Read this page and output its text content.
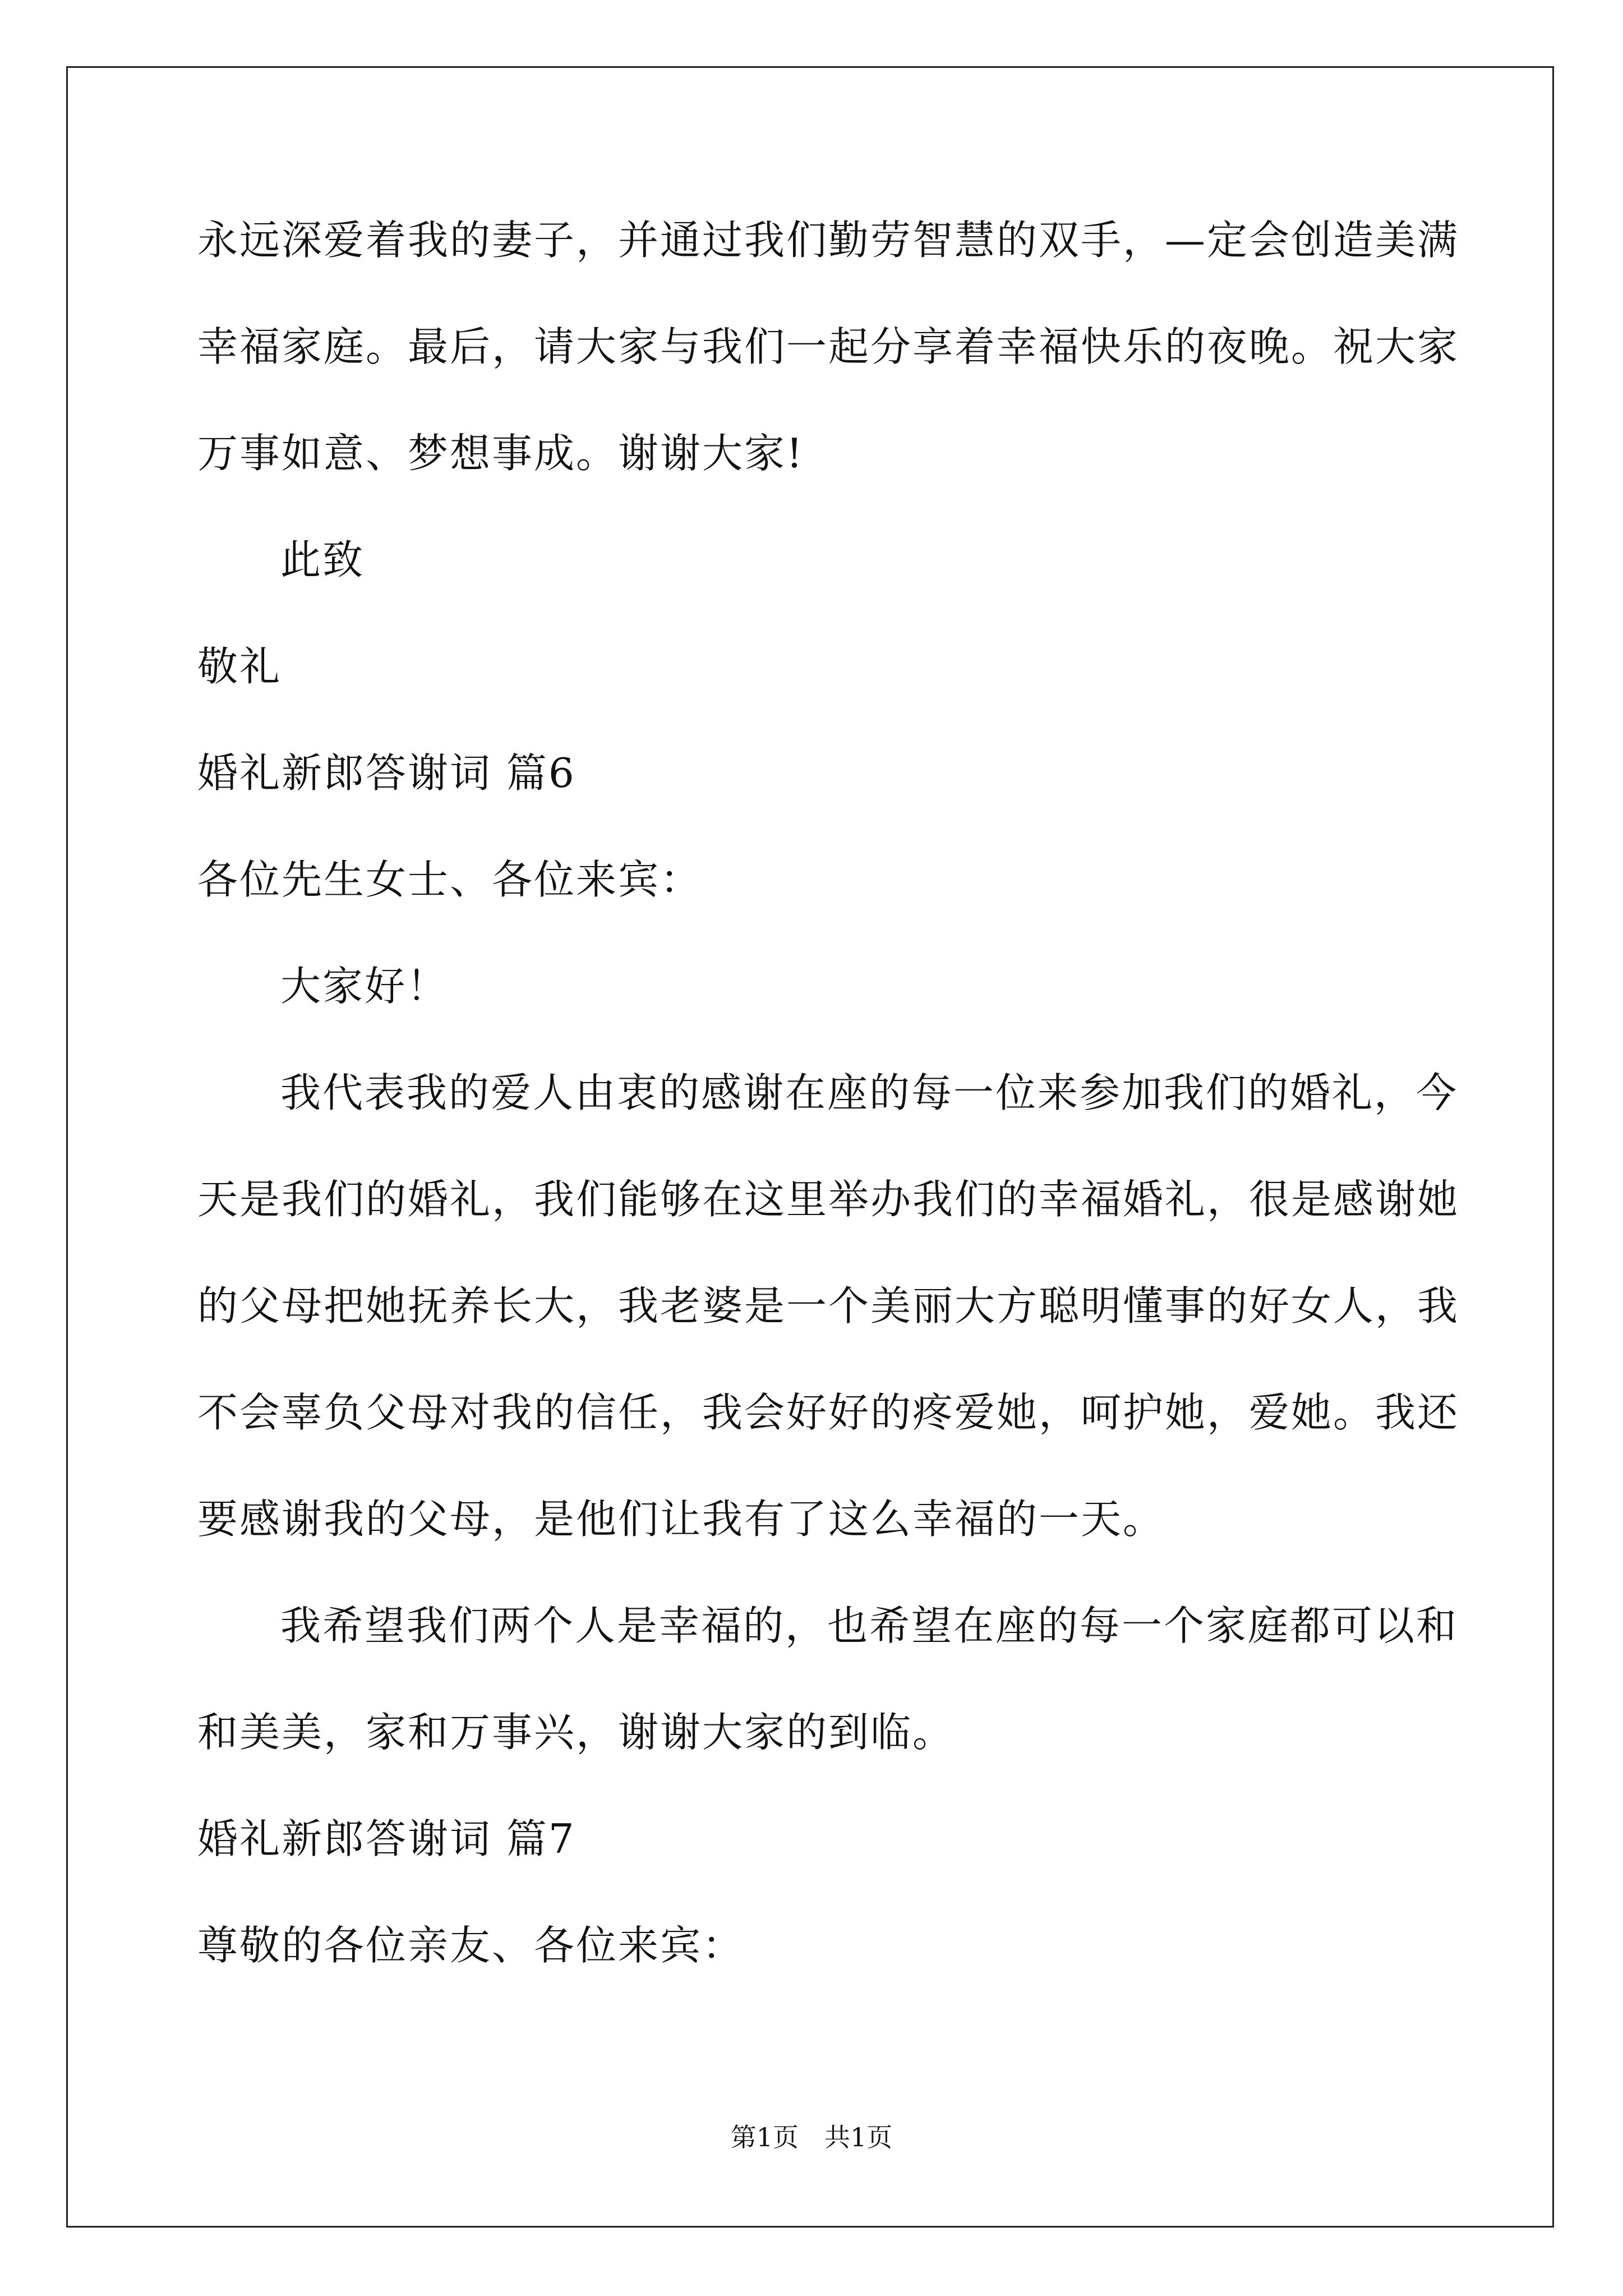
永远深爱着我的妻子，并通过我们勤劳智慧的双手，—定会创造美满
幸福家庭。最后，请大家与我们一起分享着幸福快乐的夜晚。祝大家
万事如意、梦想事成。谢谢大家!
此致
敬礼
婚礼新郎答谢词 篇6
各位先生女士、各位来宾：
大家好！
我代表我的爱人由衷的感谢在座的每一位来参加我们的婚礼，今
天是我们的婚礼，我们能够在这里举办我们的幸福婚礼，很是感谢她
的父母把她抚养长大，我老婆是一个美丽大方聪明懂事的好女人，我
不会辜负父母对我的信任，我会好好的疼爱她，呵护她，爱她。我还
要感谢我的父母，是他们让我有了这么幸福的一天。
我希望我们两个人是幸福的，也希望在座的每一个家庭都可以和
和美美，家和万事兴，谢谢大家的到临。
婚礼新郎答谢词 篇7
尊敬的各位亲友、各位来宾：
第1页　共1页
